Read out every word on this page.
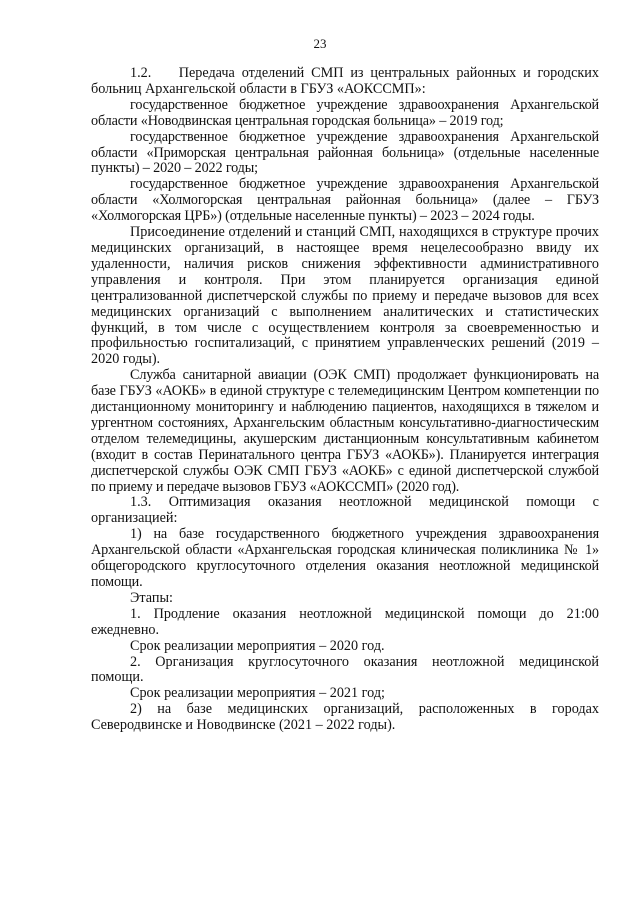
23

1.2.    Передача отделений СМП из центральных районных и городских больниц Архангельской области в ГБУЗ «АОКССМП»:

государственное бюджетное учреждение здравоохранения Архангельской области «Новодвинская центральная городская больница» – 2019 год;

государственное бюджетное учреждение здравоохранения Архангельской области «Приморская центральная районная больница» (отдельные населенные пункты) – 2020 – 2022 годы;

государственное бюджетное учреждение здравоохранения Архангельской области «Холмогорская центральная районная больница» (далее – ГБУЗ «Холмогорская ЦРБ») (отдельные населенные пункты) – 2023 – 2024 годы.

Присоединение отделений и станций СМП, находящихся в структуре прочих медицинских организаций, в настоящее время нецелесообразно ввиду их удаленности, наличия рисков снижения эффективности административного управления и контроля. При этом планируется организация единой централизованной диспетчерской службы по приему и передаче вызовов для всех медицинских организаций с выполнением аналитических и статистических функций, в том числе с осуществлением контроля за своевременностью и профильностью госпитализаций, с принятием управленческих решений (2019 – 2020 годы).

Служба санитарной авиации (ОЭК СМП) продолжает функционировать на базе ГБУЗ «АОКБ» в единой структуре с телемедицинским Центром компетенции по дистанционному мониторингу и наблюдению пациентов, находящихся в тяжелом и ургентном состояниях, Архангельским областным консультативно-диагностическим отделом телемедицины, акушерским дистанционным консультативным кабинетом (входит в состав Перинатального центра ГБУЗ «АОКБ»). Планируется интеграция диспетчерской службы ОЭК СМП ГБУЗ «АОКБ» с единой диспетчерской службой по приему и передаче вызовов ГБУЗ «АОКССМП» (2020 год).

1.3. Оптимизация оказания неотложной медицинской помощи с организацией:

1) на базе государственного бюджетного учреждения здравоохранения Архангельской области «Архангельская городская клиническая поликлиника № 1» общегородского круглосуточного отделения оказания неотложной медицинской помощи.

Этапы:

1. Продление оказания неотложной медицинской помощи до 21:00 ежедневно.

Срок реализации мероприятия – 2020 год.

2. Организация круглосуточного оказания неотложной медицинской помощи.

Срок реализации мероприятия – 2021 год;

2) на базе медицинских организаций, расположенных в городах Северодвинске и Новодвинске (2021 – 2022 годы).
